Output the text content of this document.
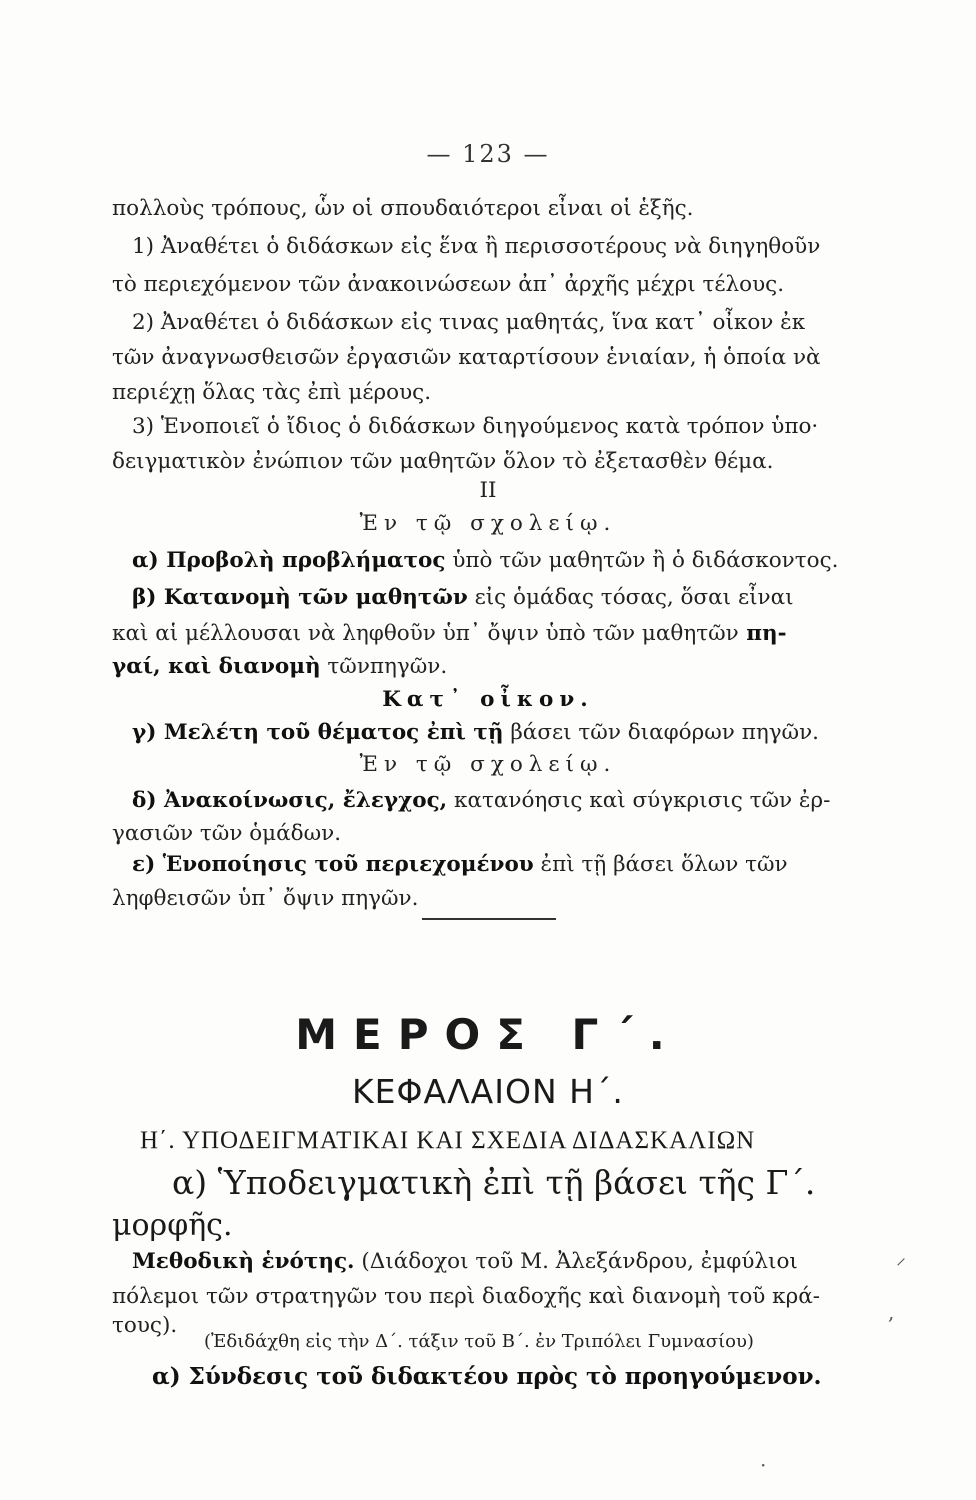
— 123 —
πολλοὺς τρόπους, ὧν οἱ σπουδαιότεροι εἶναι οἱ ἑξῆς.
1) Ἀναθέτει ὁ διδάσκων εἰς ἕνα ἢ περισσοτέρους νὰ διηγηθοῦν
τὸ περιεχόμενον τῶν ἀνακοινώσεων ἀπ᾽ ἀρχῆς μέχρι τέλους.
2) Ἀναθέτει ὁ διδάσκων εἰς τινας μαθητάς, ἵνα κατ᾽ οἶκον ἐκ
τῶν ἀναγνωσθεισῶν ἐργασιῶν καταρτίσουν ἑνιαίαν, ἡ ὁποία νὰ
περιέχῃ ὅλας τὰς ἐπὶ μέρους.
3) Ἑνοποιεῖ ὁ ἴδιος ὁ διδάσκων διηγούμενος κατὰ τρόπον ὑπο·
δειγματικὸν ἐνώπιον τῶν μαθητῶν ὅλον τὸ ἐξετασθὲν θέμα.
II
Ἐν τῷ σχολείῳ.
α) Προβολὴ προβλήματος ὑπὸ τῶν μαθητῶν ἢ ὁ διδάσκοντος.
β) Κατανομὴ τῶν μαθητῶν εἰς ὁμάδας τόσας, ὅσαι εἶναι
καὶ αἱ μέλλουσαι νὰ ληφθοῦν ὑπ᾽ ὄψιν ὑπὸ τῶν μαθητῶν πη-
γαί, καὶ διανομὴ τῶνπηγῶν.
Κατ᾽ οἶκον.
γ) Μελέτη τοῦ θέματος ἐπὶ τῇ βάσει τῶν διαφόρων πηγῶν.
Ἐν τῷ σχολείῳ.
δ) Ἀνακοίνωσις, ἔλεγχος, κατανόησις καὶ σύγκρισις τῶν ἐρ-
γασιῶν τῶν ὁμάδων.
ε) Ἑνοποίησις τοῦ περιεχομένου ἐπὶ τῇ βάσει ὅλων τῶν
ληφθεισῶν ὑπ᾽ ὄψιν πηγῶν.
ΜΕΡΟΣ Γ΄.
ΚΕΦΑΛΑΙΟΝ Η΄.
Η΄. ΥΠΟΔΕΙΓΜΑΤΙΚΑΙ ΚΑΙ ΣΧΕΔΙΑ ΔΙΔΑΣΚΑΛΙΩΝ
α) Ὑποδειγματικὴ ἐπὶ τῇ βάσει τῆς Γ΄.
μορφῆς.
Μεθοδικὴ ἑνότης. (Διάδοχοι τοῦ Μ. Ἀλεξάνδρου, ἐμφύλιοι
πόλεμοι τῶν στρατηγῶν του περὶ διαδοχῆς καὶ διανομὴ τοῦ κρά-
τους).
(Ἐδιδάχθη εἰς τὴν Δ΄. τάξιν τοῦ Β΄. ἐν Τριπόλει Γυμνασίου)
α) Σύνδεσις τοῦ διδακτέου πρὸς τὸ προηγούμενον.
⸝
,
·
